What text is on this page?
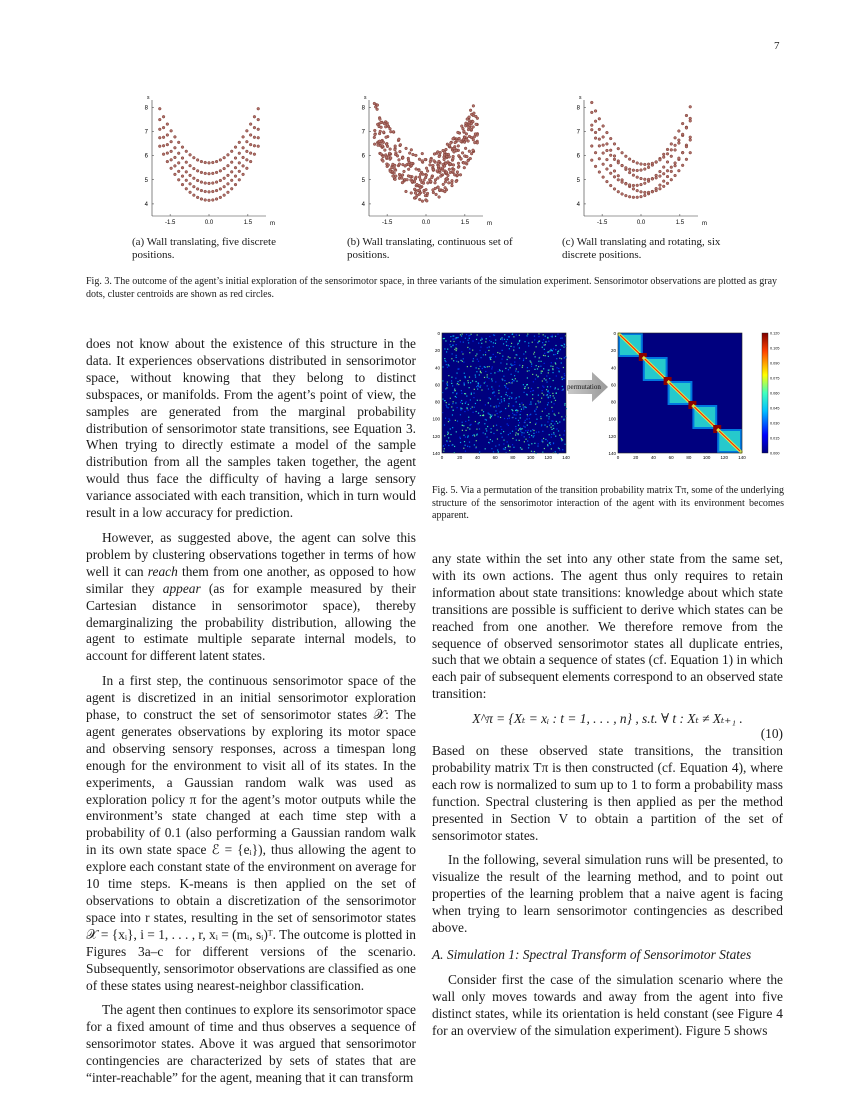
7
4
5
6
7
8
s
-1.5	0.0	1.5	m
4
5
6
7
8
s
-1.5	0.0	1.5	m
4
5
6
7
8
s
-1.5	0.0	1.5	m
(a) Wall translating, five discrete positions.
(b) Wall translating, continuous set of positions.
(c) Wall translating and rotating, six discrete positions.
Fig. 3. The outcome of the agent’s initial exploration of the sensorimotor space, in three variants of the simulation experiment. Sensorimotor observations are plotted as gray dots, cluster centroids are shown as red circles.

does not know about the existence of this structure in the data. It experiences observations distributed in sensorimotor space, without knowing that they belong to distinct subspaces, or manifolds. From the agent’s point of view, the samples are generated from the marginal probability distribution of sensorimotor state transitions, see Equation 3. When trying to directly estimate a model of the sample distribution from all the samples taken together, the agent would thus face the difficulty of having a large sensory variance associated with each transition, which in turn would result in a low accuracy for prediction.

However, as suggested above, the agent can solve this problem by clustering observations together in terms of how well it can reach them from one another, as opposed to how similar they appear (as for example measured by their Cartesian distance in sensorimotor space), thereby demarginalizing the probability distribution, allowing the agent to estimate multiple separate internal models, to account for different latent states.

In a first step, the continuous sensorimotor space of the agent is discretized in an initial sensorimotor exploration phase, to construct the set of sensorimotor states 𝒳: The agent generates observations by exploring its motor space and observing sensory responses, across a timespan long enough for the environment to visit all of its states. In the experiments, a Gaussian random walk was used as exploration policy π for the agent’s motor outputs while the environment’s state changed at each time step with a probability of 0.1 (also performing a Gaussian random walk in its own state space ℰ = {eᵢ}), thus allowing the agent to explore each constant state of the environment on average for 10 time steps. K-means is then applied on the set of observations to obtain a discretization of the sensorimotor space into r states, resulting in the set of sensorimotor states 𝒳 = {xᵢ}, i = 1, . . . , r, xᵢ = (mᵢ, sᵢ)ᵀ. The outcome is plotted in Figures 3a–c for different versions of the scenario. Subsequently, sensorimotor observations are classified as one of these states using nearest-neighbor classification.

The agent then continues to explore its sensorimotor space for a fixed amount of time and thus observes a sequence of sensorimotor states. Above it was argued that sensorimotor contingencies are characterized by sets of states that are “inter-reachable” for the agent, meaning that it can transform

0
20
40
60
80
100
120
140
0	20	40	60	80	100 120 140
permutation
0
20
40
60
80
100
120
140
0	20	40	60	80	100 120 140
0.120
0.105
0.090
0.075
0.060
0.045
0.030
0.015
0.000
Fig. 5. Via a permutation of the transition probability matrix Tπ, some of the underlying structure of the sensorimotor interaction of the agent with its environment becomes apparent.

any state within the set into any other state from the same set, with its own actions. The agent thus only requires to retain information about state transitions: knowledge about which state transitions are possible is sufficient to derive which states can be reached from one another. We therefore remove from the sequence of observed sensorimotor states all duplicate entries, such that we obtain a sequence of states (cf. Equation 1) in which each pair of subsequent elements correspond to an observed state transition:

X^π = {Xₜ = xᵢ : t = 1, . . . , n} , s.t. ∀ t : Xₜ ≠ Xₜ₊₁ .
(10)

Based on these observed state transitions, the transition probability matrix Tπ is then constructed (cf. Equation 4), where each row is normalized to sum up to 1 to form a probability mass function. Spectral clustering is then applied as per the method presented in Section V to obtain a partition of the set of sensorimotor states.

In the following, several simulation runs will be presented, to visualize the result of the learning method, and to point out properties of the learning problem that a naive agent is facing when trying to learn sensorimotor contingencies as described above.

A. Simulation 1: Spectral Transform of Sensorimotor States

Consider first the case of the simulation scenario where the wall only moves towards and away from the agent into five distinct states, while its orientation is held constant (see Figure 4 for an overview of the simulation experiment). Figure 5 shows
